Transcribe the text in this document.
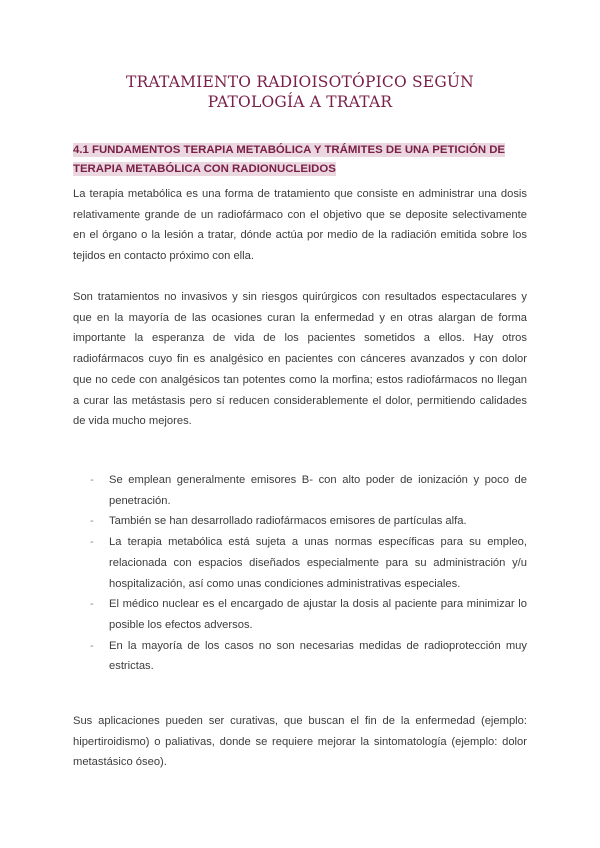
TRATAMIENTO RADIOISOTÓPICO SEGÚN
PATOLOGÍA A TRATAR
4.1 FUNDAMENTOS TERAPIA METABÓLICA Y TRÁMITES DE UNA PETICIÓN DE TERAPIA METABÓLICA CON RADIONUCLEIDOS

La terapia metabólica es una forma de tratamiento que consiste en administrar una dosis relativamente grande de un radiofármaco con el objetivo que se deposite selectivamente en el órgano o la lesión a tratar, dónde actúa por medio de la radiación emitida sobre los tejidos en contacto próximo con ella.

Son tratamientos no invasivos y sin riesgos quirúrgicos con resultados espectaculares y que en la mayoría de las ocasiones curan la enfermedad y en otras alargan de forma importante la esperanza de vida de los pacientes sometidos a ellos. Hay otros radiofármacos cuyo fin es analgésico en pacientes con cánceres avanzados y con dolor que no cede con analgésicos tan potentes como la morfina; estos radiofármacos no llegan a curar las metástasis pero sí reducen considerablemente el dolor, permitiendo calidades de vida mucho mejores.

- Se emplean generalmente emisores B- con alto poder de ionización y poco de penetración.
- También se han desarrollado radiofármacos emisores de partículas alfa.
- La terapia metabólica está sujeta a unas normas específicas para su empleo, relacionada con espacios diseñados especialmente para su administración y/u hospitalización, así como unas condiciones administrativas especiales.
- El médico nuclear es el encargado de ajustar la dosis al paciente para minimizar lo posible los efectos adversos.
- En la mayoría de los casos no son necesarias medidas de radioprotección muy estrictas.

Sus aplicaciones pueden ser curativas, que buscan el fin de la enfermedad (ejemplo: hipertiroidismo) o paliativas, donde se requiere mejorar la sintomatología (ejemplo: dolor metastásico óseo).
